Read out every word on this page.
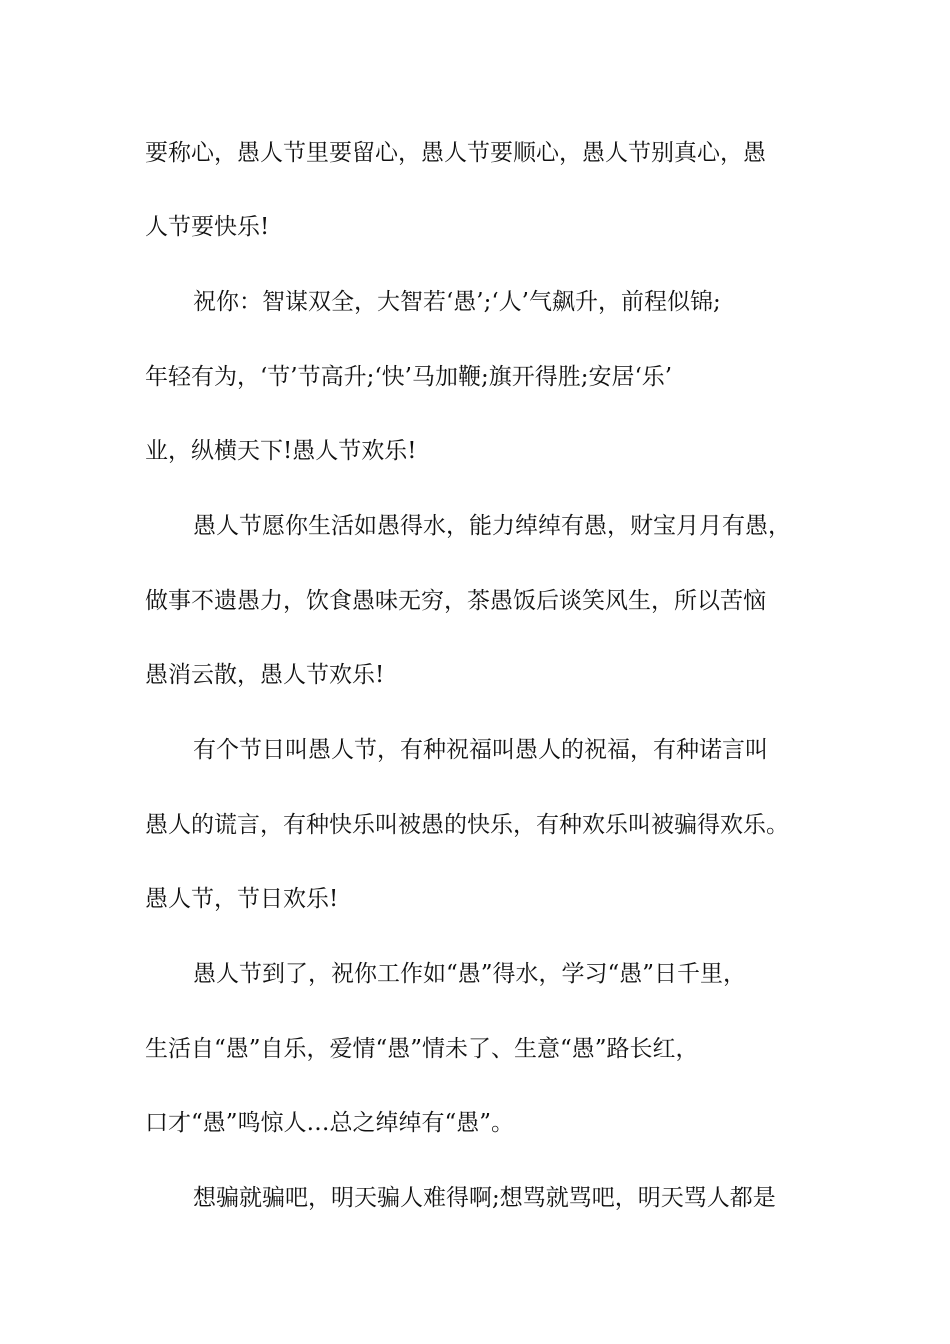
要称心，愚人节里要留心，愚人节要顺心，愚人节别真心，愚
人节要快乐!
祝你：智谋双全，大智若‘愚’;‘人’气飙升，前程似锦;
年轻有为，‘节’节高升;‘快’马加鞭;旗开得胜;安居‘乐’
业，纵横天下!愚人节欢乐!
愚人节愿你生活如愚得水，能力绰绰有愚，财宝月月有愚，
做事不遗愚力，饮食愚味无穷，茶愚饭后谈笑风生，所以苦恼
愚消云散，愚人节欢乐!
有个节日叫愚人节，有种祝福叫愚人的祝福，有种诺言叫
愚人的谎言，有种快乐叫被愚的快乐，有种欢乐叫被骗得欢乐。
愚人节，节日欢乐!
愚人节到了，祝你工作如“愚”得水，学习“愚”日千里，
生活自“愚”自乐，爱情“愚”情未了、生意“愚”路长红，
口才“愚”鸣惊人…总之绰绰有“愚”。
想骗就骗吧，明天骗人难得啊;想骂就骂吧，明天骂人都是
